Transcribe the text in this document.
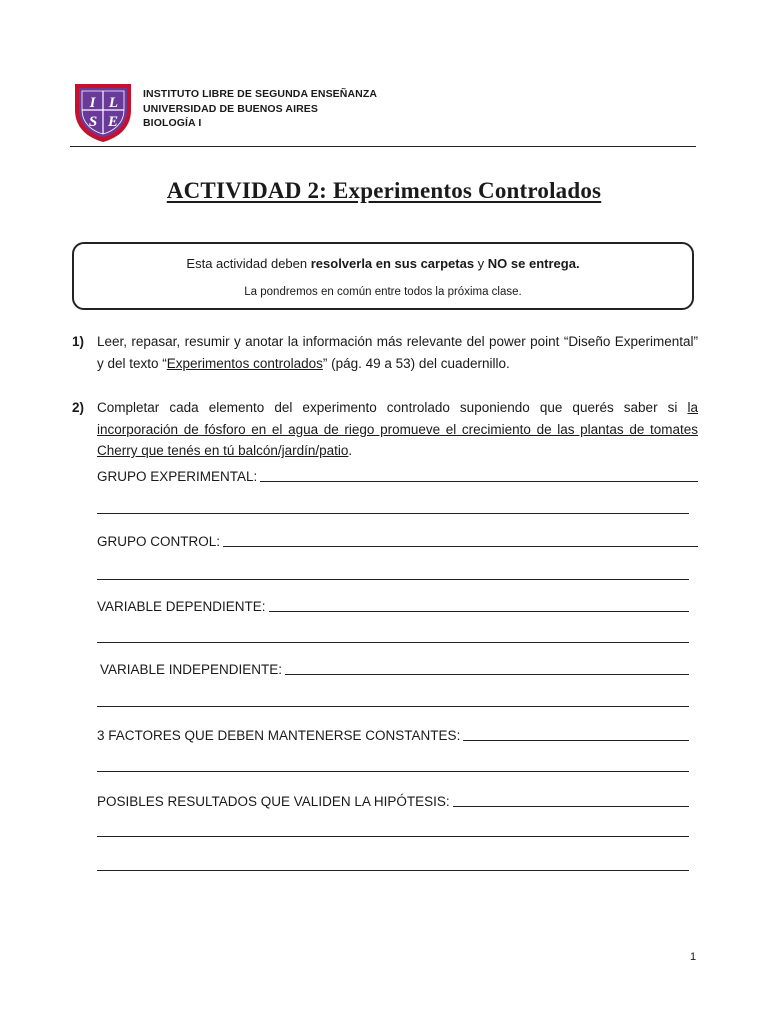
I L
S E
INSTITUTO LIBRE DE SEGUNDA ENSEÑANZA
UNIVERSIDAD DE BUENOS AIRES
BIOLOGÍA I
ACTIVIDAD 2: Experimentos Controlados
Esta actividad deben resolverla en sus carpetas y NO se entrega.
La pondremos en común entre todos la próxima clase.
1) Leer, repasar, resumir y anotar la información más relevante del power point “Diseño Experimental” y del texto “Experimentos controlados” (pág. 49 a 53) del cuadernillo.
2) Completar cada elemento del experimento controlado suponiendo que querés saber si la incorporación de fósforo en el agua de riego promueve el crecimiento de las plantas de tomates Cherry que tenés en tú balcón/jardín/patio.
GRUPO EXPERIMENTAL:
GRUPO CONTROL:
VARIABLE DEPENDIENTE:
VARIABLE INDEPENDIENTE:
3 FACTORES QUE DEBEN MANTENERSE CONSTANTES:
POSIBLES RESULTADOS QUE VALIDEN LA HIPÓTESIS:
1
